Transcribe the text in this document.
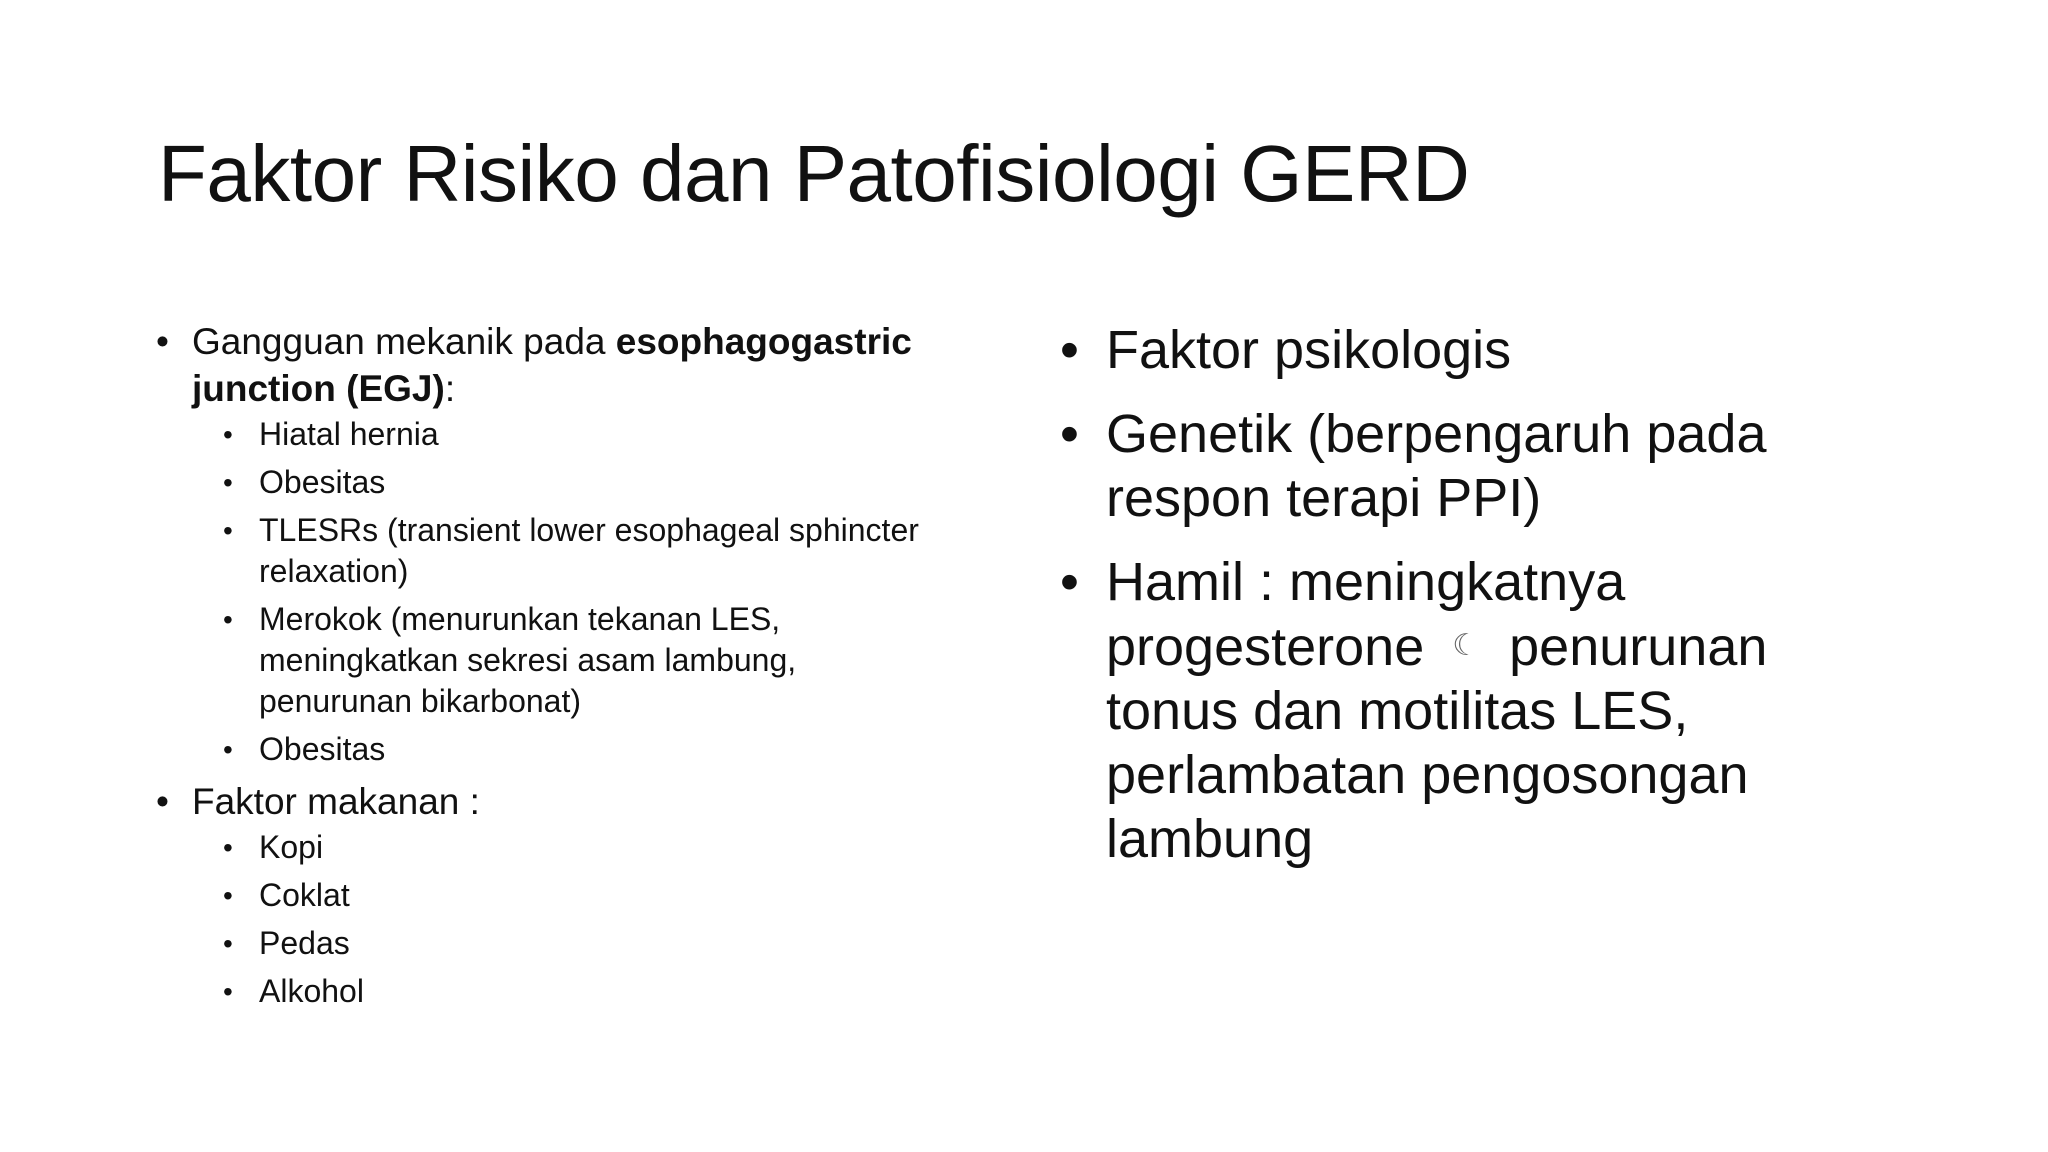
Faktor Risiko dan Patofisiologi GERD
• Gangguan mekanik pada esophagogastric junction (EGJ):
• Hiatal hernia
• Obesitas
• TLESRs (transient lower esophageal sphincter relaxation)
• Merokok (menurunkan tekanan LES, meningkatkan sekresi asam lambung, penurunan bikarbonat)
• Obesitas
• Faktor makanan :
• Kopi
• Coklat
• Pedas
• Alkohol
• Faktor psikologis
• Genetik (berpengaruh pada respon terapi PPI)
• Hamil : meningkatnya progesterone ☾ penurunan tonus dan motilitas LES, perlambatan pengosongan lambung
